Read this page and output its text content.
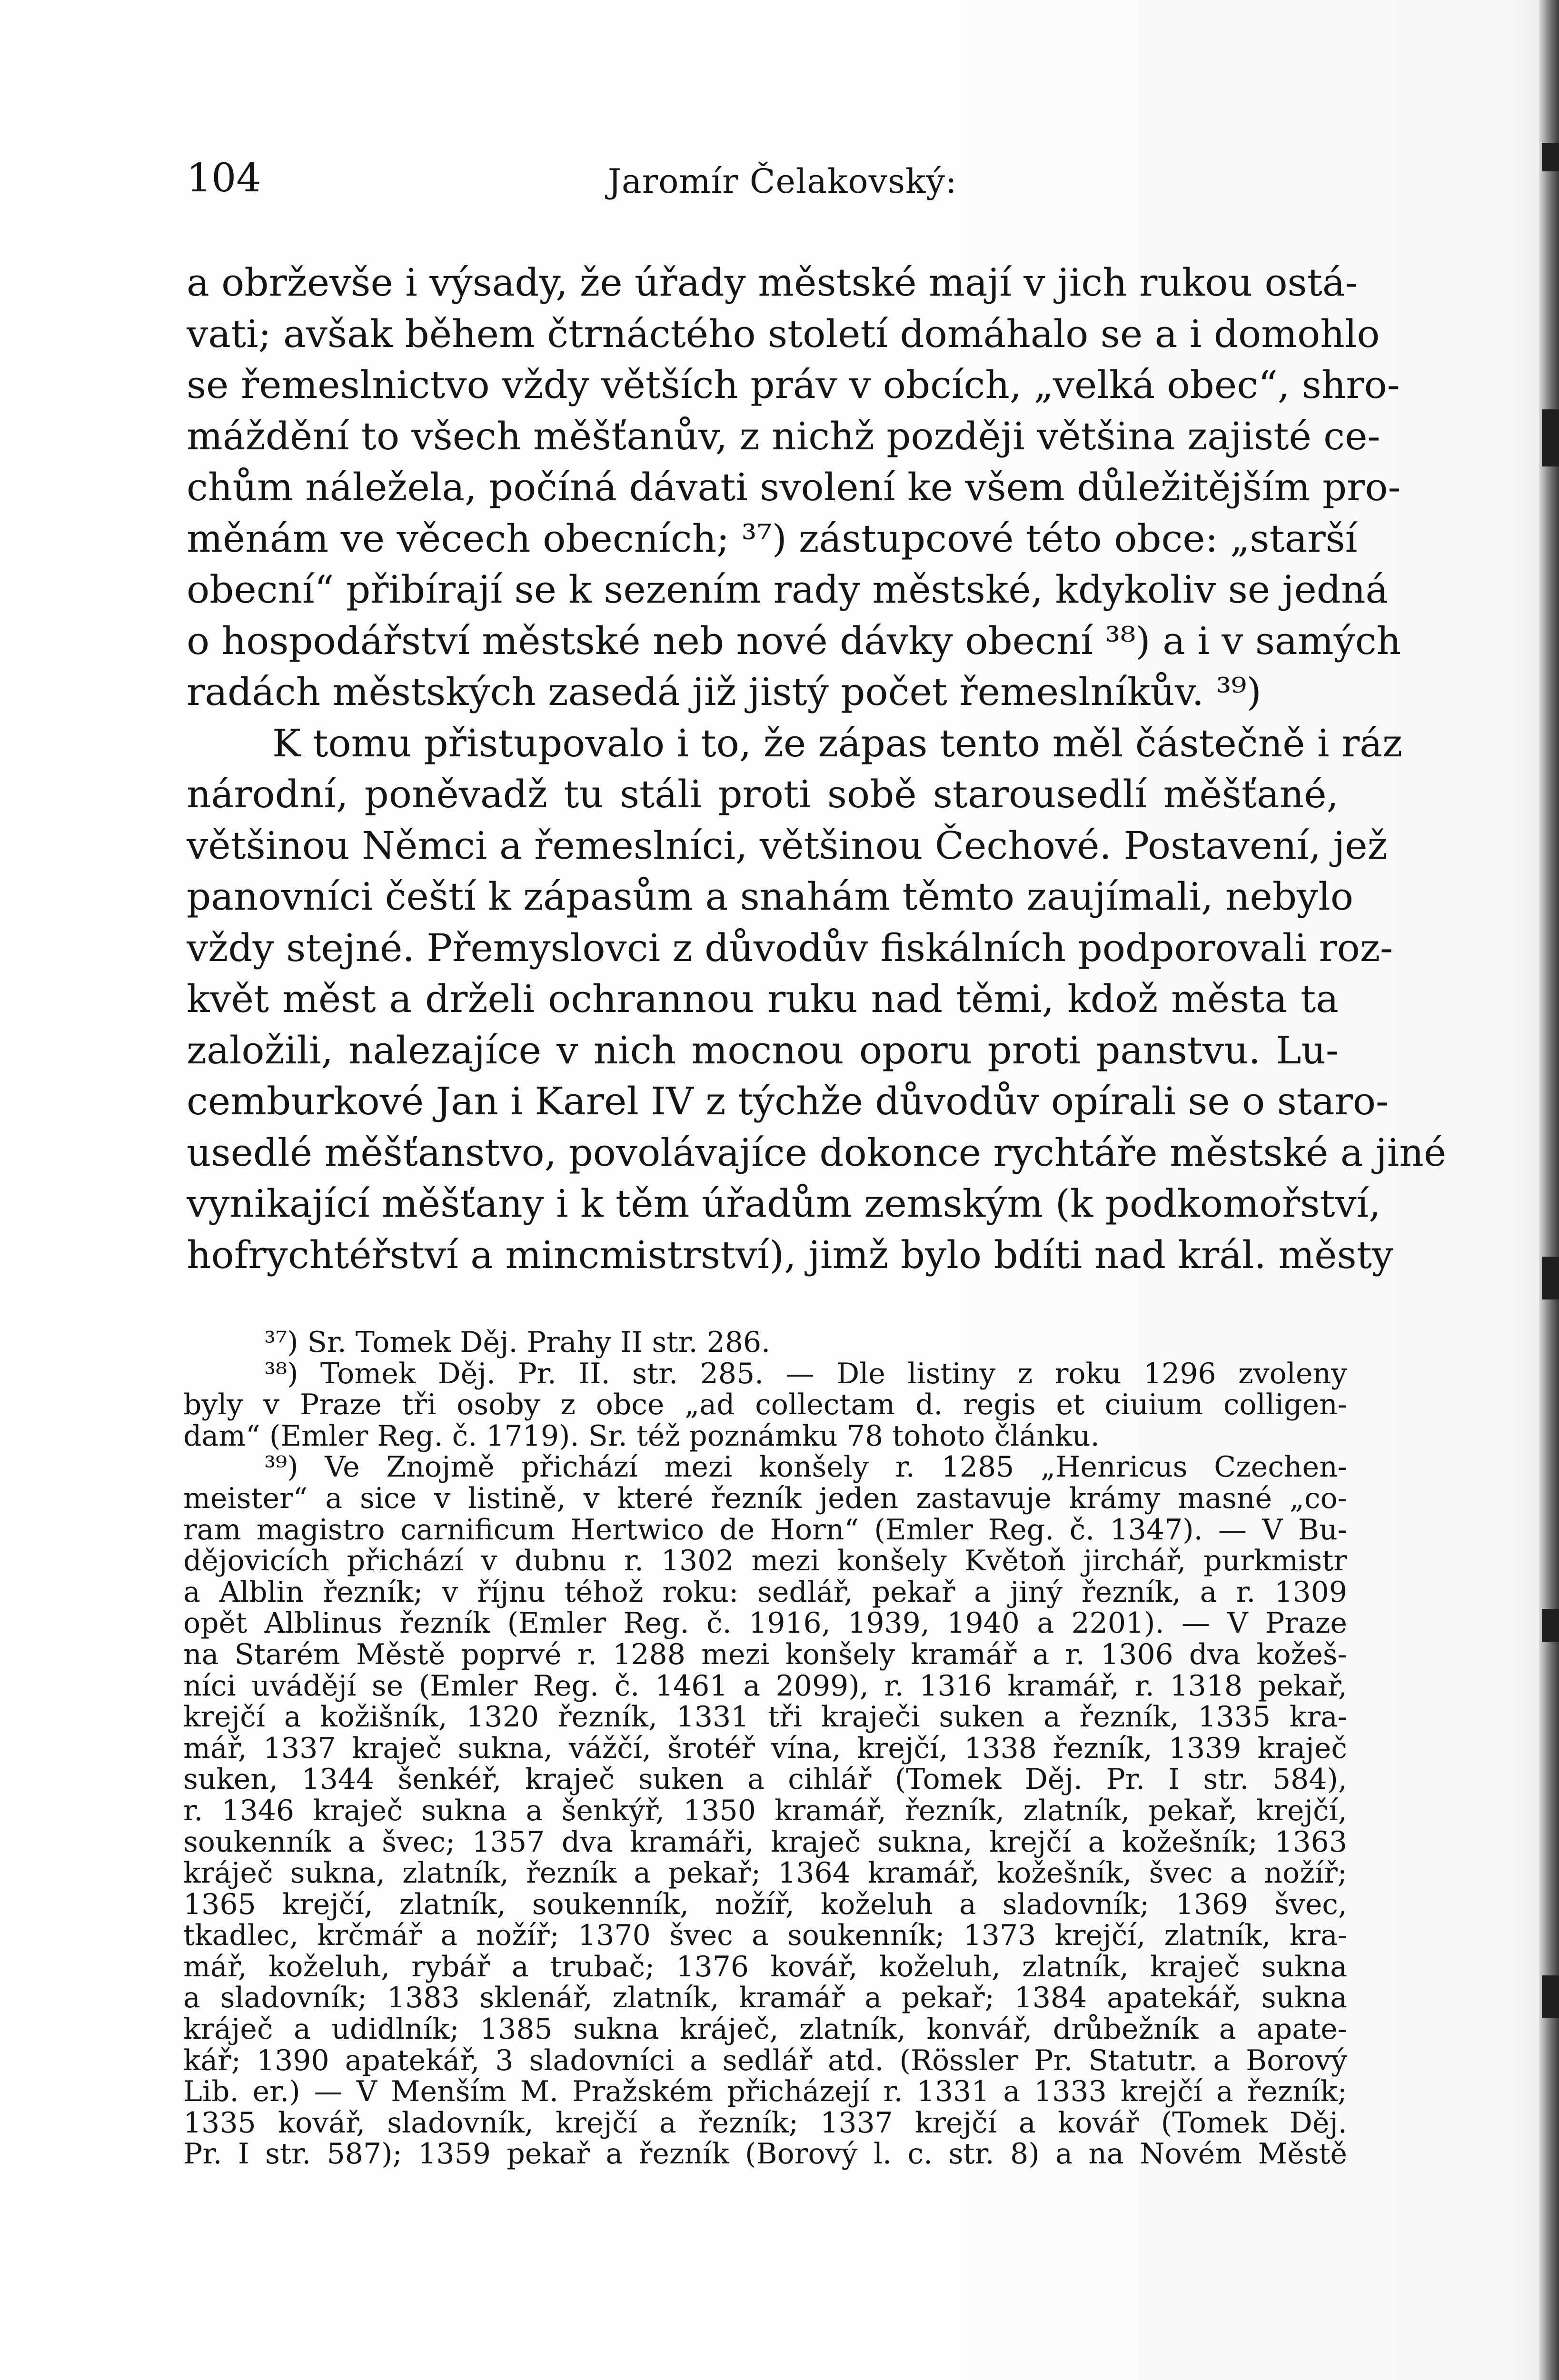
104	Jaromír Čelakovský:
a obrževše i výsady, že úřady městské mají v jich rukou ostá-
vati; avšak během čtrnáctého století domáhalo se a i domohlo
se řemeslnictvo vždy větších práv v obcích, „velká obec“, shro-
máždění to všech měšťanův, z nichž později většina zajisté ce-
chům náležela, počíná dávati svolení ke všem důležitějším pro-
měnám ve věcech obecních; ³⁷) zástupcové této obce: „starší
obecní“ přibírají se k sezením rady městské, kdykoliv se jedná
o hospodářství městské neb nové dávky obecní ³⁸) a i v samých
radách městských zasedá již jistý počet řemeslníkův. ³⁹)
K tomu přistupovalo i to, že zápas tento měl částečně i ráz
národní, poněvadž tu stáli proti sobě starousedlí měšťané,
většinou Němci a řemeslníci, většinou Čechové. Postavení, jež
panovníci čeští k zápasům a snahám těmto zaujímali, nebylo
vždy stejné. Přemyslovci z důvodův fiskálních podporovali roz-
květ měst a drželi ochrannou ruku nad těmi, kdož města ta
založili, nalezajíce v nich mocnou oporu proti panstvu. Lu-
cemburkové Jan i Karel IV z týchže důvodův opírali se o staro-
usedlé měšťanstvo, povolávajíce dokonce rychtáře městské a jiné
vynikající měšťany i k těm úřadům zemským (k podkomořství,
hofrychtéřství a mincmistrství), jimž bylo bdíti nad král. městy
³⁷) Sr. Tomek Děj. Prahy II str. 286.
³⁸) Tomek Děj. Pr. II. str. 285. — Dle listiny z roku 1296 zvoleny
byly v Praze tři osoby z obce „ad collectam d. regis et ciuium colligen-
dam“ (Emler Reg. č. 1719). Sr. též poznámku 78 tohoto článku.
³⁹) Ve Znojmě přichází mezi konšely r. 1285 „Henricus Czechen-
meister“ a sice v listině, v které řezník jeden zastavuje krámy masné „co-
ram magistro carnificum Hertwico de Horn“ (Emler Reg. č. 1347). — V Bu-
dějovicích přichází v dubnu r. 1302 mezi konšely Květoň jirchář, purkmistr
a Alblin řezník; v říjnu téhož roku: sedlář, pekař a jiný řezník, a r. 1309
opět Alblinus řezník (Emler Reg. č. 1916, 1939, 1940 a 2201). — V Praze
na Starém Městě poprvé r. 1288 mezi konšely kramář a r. 1306 dva kožeš-
níci uvádějí se (Emler Reg. č. 1461 a 2099), r. 1316 kramář, r. 1318 pekař,
krejčí a kožišník, 1320 řezník, 1331 tři kraječi suken a řezník, 1335 kra-
mář, 1337 kraječ sukna, vážčí, šrotéř vína, krejčí, 1338 řezník, 1339 kraječ
suken, 1344 šenkéř, kraječ suken a cihlář (Tomek Děj. Pr. I str. 584),
r. 1346 kraječ sukna a šenkýř, 1350 kramář, řezník, zlatník, pekař, krejčí,
soukenník a švec; 1357 dva kramáři, kraječ sukna, krejčí a kožešník; 1363
kráječ sukna, zlatník, řezník a pekař; 1364 kramář, kožešník, švec a nožíř;
1365 krejčí, zlatník, soukenník, nožíř, koželuh a sladovník; 1369 švec,
tkadlec, krčmář a nožíř; 1370 švec a soukenník; 1373 krejčí, zlatník, kra-
mář, koželuh, rybář a trubač; 1376 kovář, koželuh, zlatník, kraječ sukna
a sladovník; 1383 sklenář, zlatník, kramář a pekař; 1384 apatekář, sukna
kráječ a udidlník; 1385 sukna kráječ, zlatník, konvář, drůbežník a apate-
kář; 1390 apatekář, 3 sladovníci a sedlář atd. (Rössler Pr. Statutr. a Borový
Lib. er.) — V Menším M. Pražském přicházejí r. 1331 a 1333 krejčí a řezník;
1335 kovář, sladovník, krejčí a řezník; 1337 krejčí a kovář (Tomek Děj.
Pr. I str. 587); 1359 pekař a řezník (Borový l. c. str. 8) a na Novém Městě
